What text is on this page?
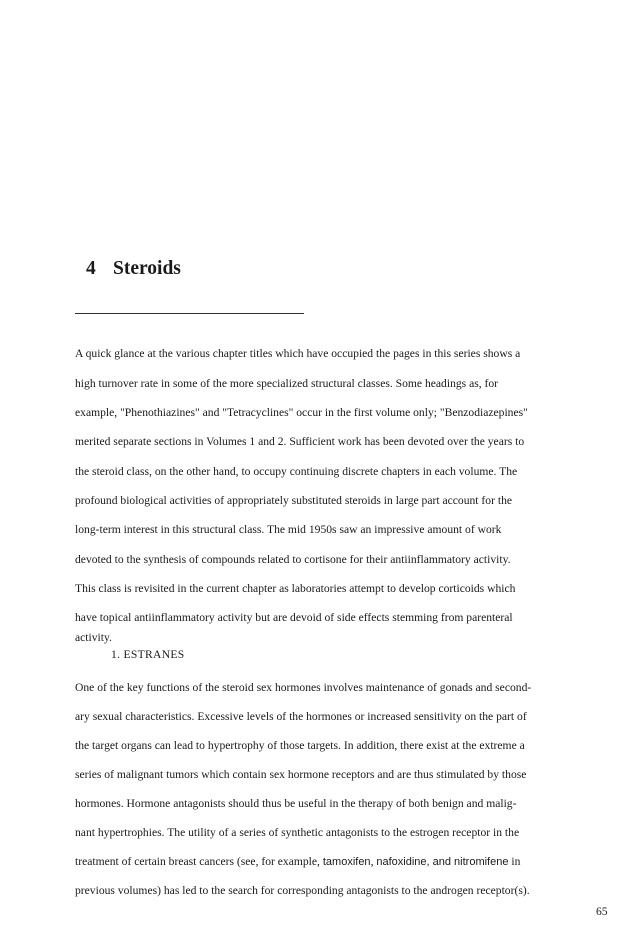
4 Steroids
A quick glance at the various chapter titles which have occupied the pages in this series shows a
high turnover rate in some of the more specialized structural classes. Some headings as, for
example, "Phenothiazines" and "Tetracyclines" occur in the first volume only; "Benzodiazepines"
merited separate sections in Volumes 1 and 2. Sufficient work has been devoted over the years to
the steroid class, on the other hand, to occupy continuing discrete chapters in each volume. The
profound biological activities of appropriately substituted steroids in large part account for the
long-term interest in this structural class. The mid 1950s saw an impressive amount of work
devoted to the synthesis of compounds related to cortisone for their antiinflammatory activity.
This class is revisited in the current chapter as laboratories attempt to develop corticoids which
have topical antiinflammatory activity but are devoid of side effects stemming from parenteral
activity.
1. ESTRANES
One of the key functions of the steroid sex hormones involves maintenance of gonads and second-
ary sexual characteristics. Excessive levels of the hormones or increased sensitivity on the part of
the target organs can lead to hypertrophy of those targets. In addition, there exist at the extreme a
series of malignant tumors which contain sex hormone receptors and are thus stimulated by those
hormones. Hormone antagonists should thus be useful in the therapy of both benign and malig-
nant hypertrophies. The utility of a series of synthetic antagonists to the estrogen receptor in the
treatment of certain breast cancers (see, for example, tamoxifen, nafoxidine, and nitromifene in
previous volumes) has led to the search for corresponding antagonists to the androgen receptor(s).
65
